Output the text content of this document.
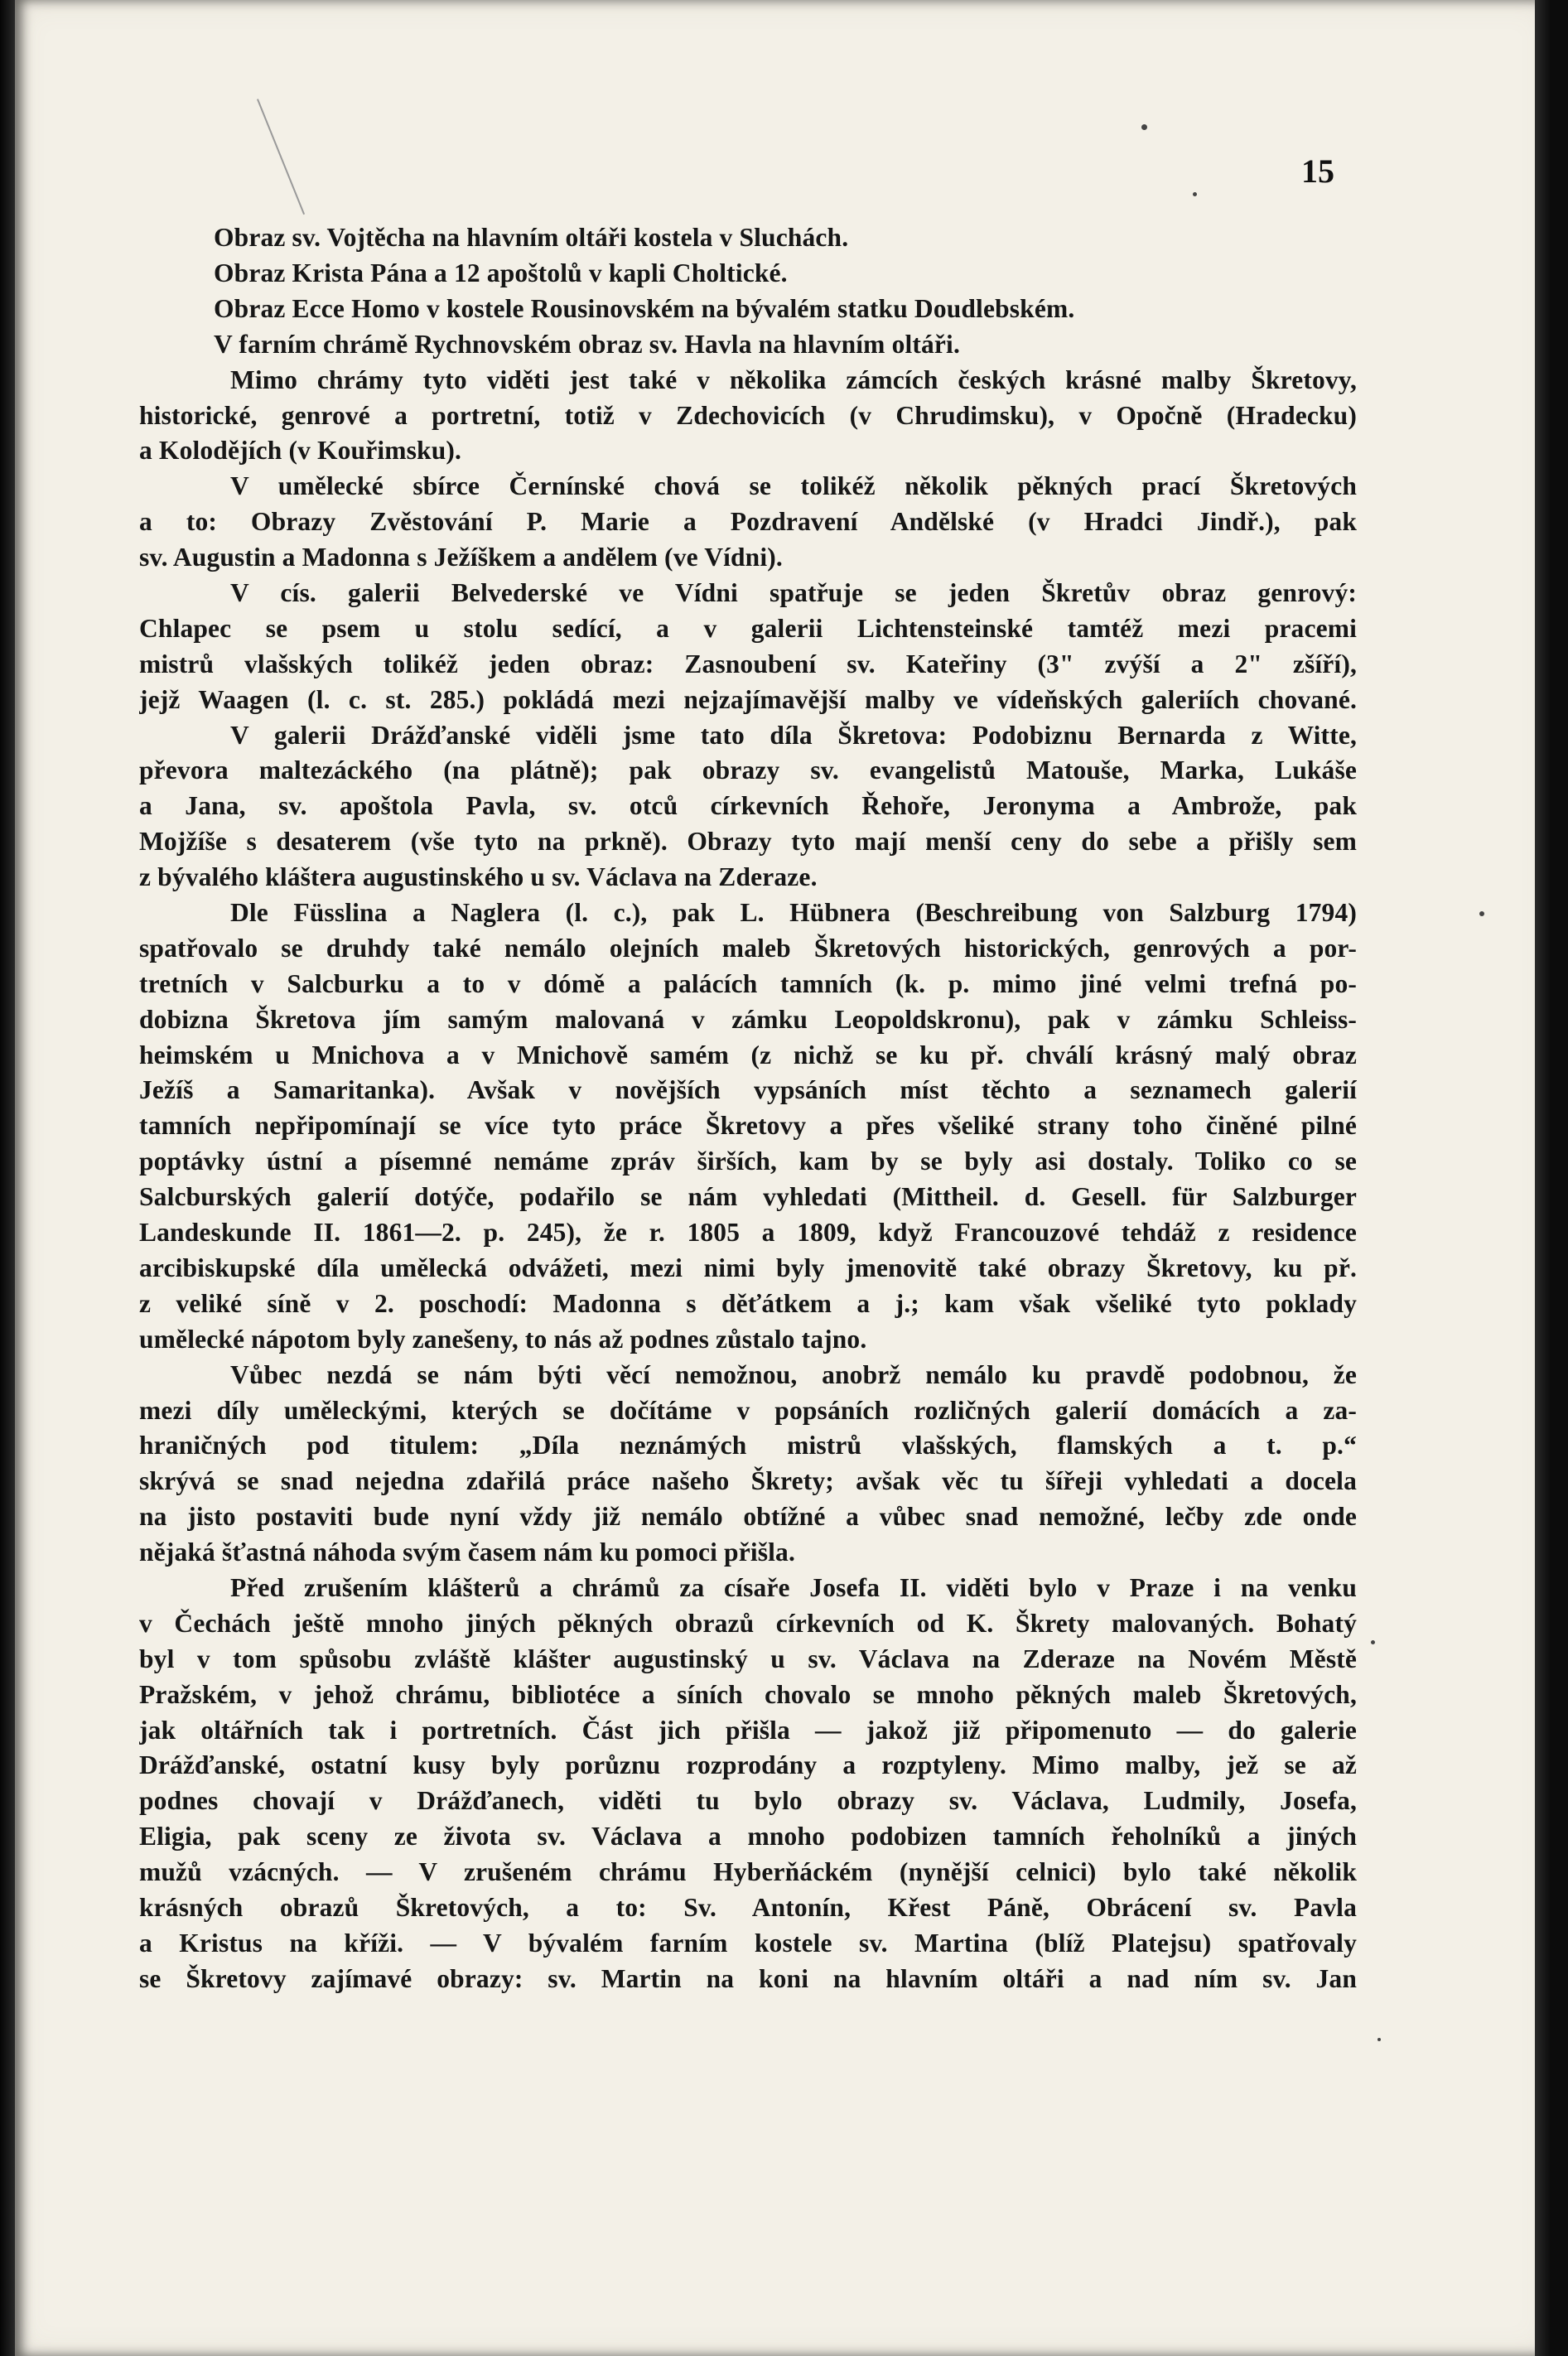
15
Obraz sv. Vojtěcha na hlavním oltáři kostela v Sluchách.
Obraz Krista Pána a 12 apoštolů v kapli Choltické.
Obraz Ecce Homo v kostele Rousinovském na bývalém statku Doudlebském.
V farním chrámě Rychnovském obraz sv. Havla na hlavním oltáři.
Mimo chrámy tyto viděti jest také v několika zámcích českých krásné malby Škretovy,
historické, genrové a portretní, totiž v Zdechovicích (v Chrudimsku), v Opočně (Hradecku)
a Kolodějích (v Kouřimsku).
V umělecké sbírce Černínské chová se tolikéž několik pěkných prací Škretových
a to: Obrazy Zvěstování P. Marie a Pozdravení Andělské (v Hradci Jindř.), pak
sv. Augustin a Madonna s Ježíškem a andělem (ve Vídni).
V cís. galerii Belvederské ve Vídni spatřuje se jeden Škretův obraz genrový:
Chlapec se psem u stolu sedící, a v galerii Lichtensteinské tamtéž mezi pracemi
mistrů vlašských tolikéž jeden obraz: Zasnoubení sv. Kateřiny (3" zvýší a 2" zšíří),
jejž Waagen (l. c. st. 285.) pokládá mezi nejzajímavější malby ve vídeňských galeriích chované.
V galerii Drážďanské viděli jsme tato díla Škretova: Podobiznu Bernarda z Witte,
převora maltezáckého (na plátně); pak obrazy sv. evangelistů Matouše, Marka, Lukáše
a Jana, sv. apoštola Pavla, sv. otců církevních Řehoře, Jeronyma a Ambrože, pak
Mojžíše s desaterem (vše tyto na prkně). Obrazy tyto mají menší ceny do sebe a přišly sem
z bývalého kláštera augustinského u sv. Václava na Zderaze.
Dle Füsslina a Naglera (l. c.), pak L. Hübnera (Beschreibung von Salzburg 1794)
spatřovalo se druhdy také nemálo olejních maleb Škretových historických, genrových a por-
tretních v Salcburku a to v dómě a palácích tamních (k. p. mimo jiné velmi trefná po-
dobizna Škretova jím samým malovaná v zámku Leopoldskronu), pak v zámku Schleiss-
heimském u Mnichova a v Mnichově samém (z nichž se ku př. chválí krásný malý obraz
Ježíš a Samaritanka). Avšak v novějších vypsáních míst těchto a seznamech galerií
tamních nepřipomínají se více tyto práce Škretovy a přes všeliké strany toho činěné pilné
poptávky ústní a písemné nemáme zpráv širších, kam by se byly asi dostaly. Toliko co se
Salcburských galerií dotýče, podařilo se nám vyhledati (Mittheil. d. Gesell. für Salzburger
Landeskunde II. 1861—2. p. 245), že r. 1805 a 1809, když Francouzové tehdáž z residence
arcibiskupské díla umělecká odvážeti, mezi nimi byly jmenovitě také obrazy Škretovy, ku př.
z veliké síně v 2. poschodí: Madonna s děťátkem a j.; kam však všeliké tyto poklady
umělecké nápotom byly zanešeny, to nás až podnes zůstalo tajno.
Vůbec nezdá se nám býti věcí nemožnou, anobrž nemálo ku pravdě podobnou, že
mezi díly uměleckými, kterých se dočítáme v popsáních rozličných galerií domácích a za-
hraničných pod titulem: „Díla neznámých mistrů vlašských, flamských a t. p.“
skrývá se snad nejedna zdařilá práce našeho Škrety; avšak věc tu šířeji vyhledati a docela
na jisto postaviti bude nyní vždy již nemálo obtížné a vůbec snad nemožné, lečby zde onde
nějaká šťastná náhoda svým časem nám ku pomoci přišla.
Před zrušením klášterů a chrámů za císaře Josefa II. viděti bylo v Praze i na venku
v Čechách ještě mnoho jiných pěkných obrazů církevních od K. Škrety malovaných. Bohatý
byl v tom spůsobu zvláště klášter augustinský u sv. Václava na Zderaze na Novém Městě
Pražském, v jehož chrámu, bibliotéce a síních chovalo se mnoho pěkných maleb Škretových,
jak oltářních tak i portretních. Část jich přišla — jakož již připomenuto — do galerie
Drážďanské, ostatní kusy byly porůznu rozprodány a rozptyleny. Mimo malby, jež se až
podnes chovají v Drážďanech, viděti tu bylo obrazy sv. Václava, Ludmily, Josefa,
Eligia, pak sceny ze života sv. Václava a mnoho podobizen tamních řeholníků a jiných
mužů vzácných. — V zrušeném chrámu Hyberňáckém (nynější celnici) bylo také několik
krásných obrazů Škretových, a to: Sv. Antonín, Křest Páně, Obrácení sv. Pavla
a Kristus na kříži. — V bývalém farním kostele sv. Martina (blíž Platejsu) spatřovaly
se Škretovy zajímavé obrazy: sv. Martin na koni na hlavním oltáři a nad ním sv. Jan
